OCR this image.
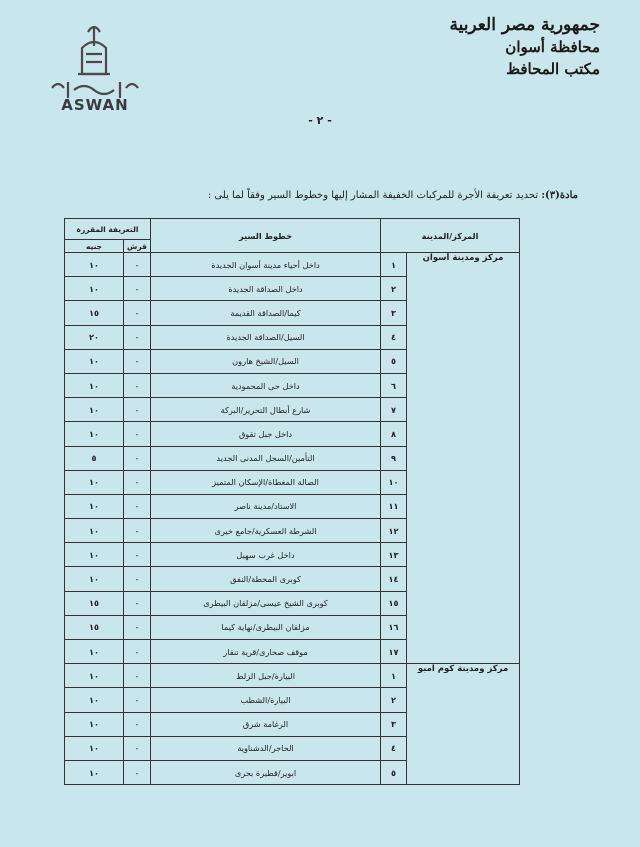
جمهورية مصر العربية
محافظة أسوان
مكتب المحافظ
ASWAN
- ٢ -
مادة(٣): تحديد تعريفة الأجرة للمركبات الخفيفة المشار إليها وخطوط السير وفقاً لما يلى :
المركز/المدينة		خطوط السير	التعريفة المقررة	
			قرش	جنيه
مركز ومدينة أسوان	١	داخل أحياء مدينة أسوان الجديدة	-	١٠
	٢	داخل الصداقة الجديدة	-	١٠
	٣	كيما/الصداقة القديمة	-	١٥
	٤	السيل/الصداقة الجديدة	-	٢٠
	٥	السيل/الشيخ هارون	-	١٠
	٦	داخل حى المحمودية	-	١٠
	٧	شارع أبطال التحرير/البركة	-	١٠
	٨	داخل جبل تقوق	-	١٠
	٩	التأمين/السجل المدنى الجديد	-	٥
	١٠	الصالة المغطاة/الإسكان المتميز	-	١٠
	١١	الاستاد/مدينة ناصر	-	١٠
	١٢	الشرطة العسكرية/جامع خيرى	-	١٠
	١٣	داخل غرب سهيل	-	١٠
	١٤	كوبرى المحطة/النفق	-	١٠
	١٥	كوبرى الشيخ عيسى/مزلقان البيطرى	-	١٥
	١٦	مزلقان البيطرى/نهاية كيما	-	١٥
	١٧	موقف صحارى/قرية تنقار	-	١٠
مركز ومدينة كوم امبو	١	البيارة/جبل الزلط	-	١٠
	٢	البيارة/الشطب	-	١٠
	٣	الرغامة شرق	-	١٠
	٤	الحاجر/الدشناوية	-	١٠
	٥	ابوير/قطيرة بحرى	-	١٠
